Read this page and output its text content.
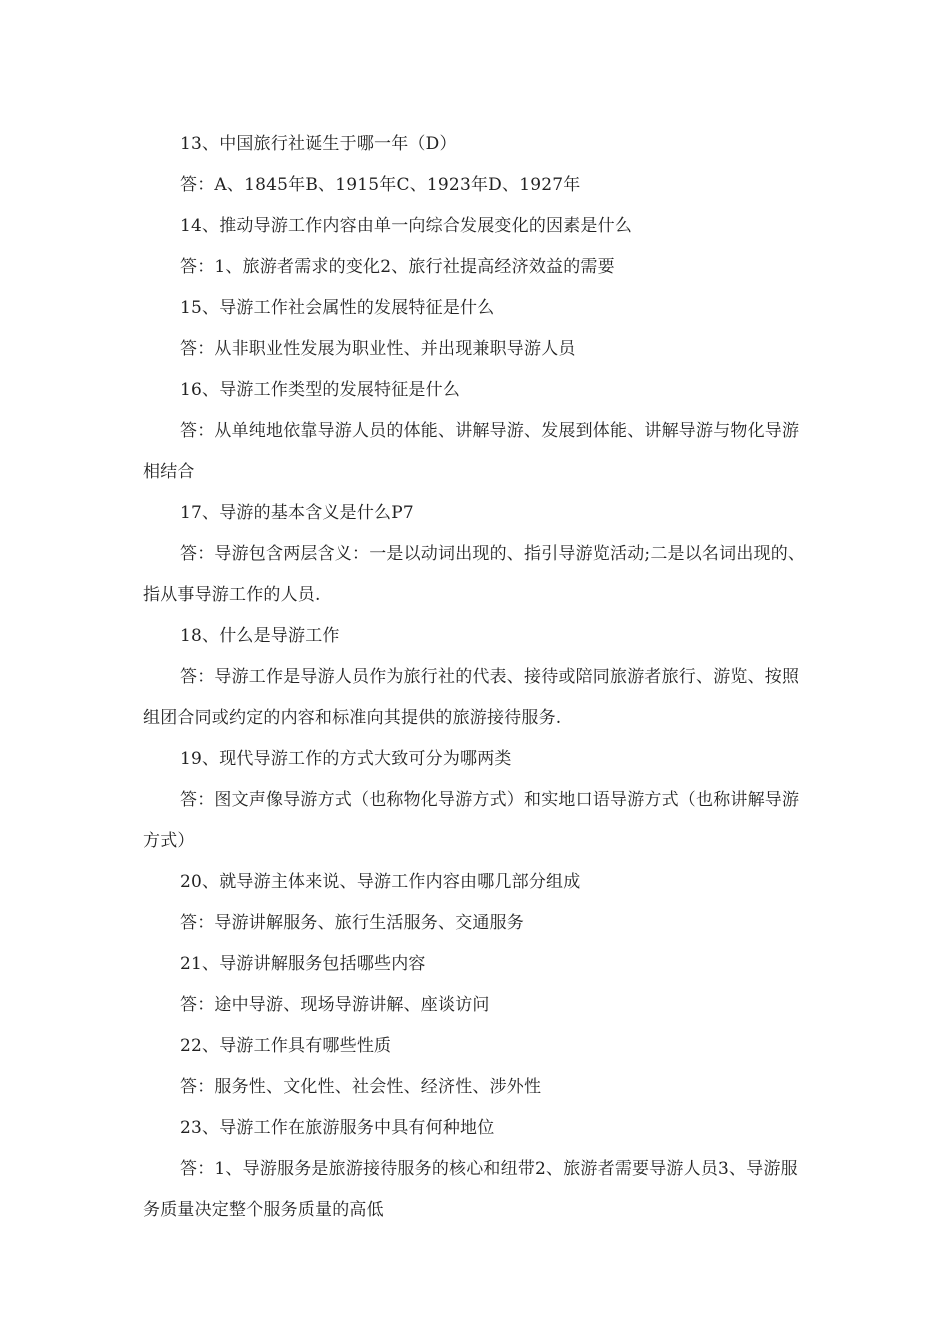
13、中国旅行社诞生于哪一年（D）

答：A、1845年B、1915年C、1923年D、1927年

14、推动导游工作内容由单一向综合发展变化的因素是什么

答：1、旅游者需求的变化2、旅行社提高经济效益的需要

15、导游工作社会属性的发展特征是什么

答：从非职业性发展为职业性、并出现兼职导游人员

16、导游工作类型的发展特征是什么

答：从单纯地依靠导游人员的体能、讲解导游、发展到体能、讲解导游与物化导游相结合

17、导游的基本含义是什么P7

答：导游包含两层含义：一是以动词出现的、指引导游览活动;二是以名词出现的、指从事导游工作的人员.

18、什么是导游工作

答：导游工作是导游人员作为旅行社的代表、接待或陪同旅游者旅行、游览、按照组团合同或约定的内容和标准向其提供的旅游接待服务.

19、现代导游工作的方式大致可分为哪两类

答：图文声像导游方式（也称物化导游方式）和实地口语导游方式（也称讲解导游方式）

20、就导游主体来说、导游工作内容由哪几部分组成

答：导游讲解服务、旅行生活服务、交通服务

21、导游讲解服务包括哪些内容

答：途中导游、现场导游讲解、座谈访问

22、导游工作具有哪些性质

答：服务性、文化性、社会性、经济性、涉外性

23、导游工作在旅游服务中具有何种地位

答：1、导游服务是旅游接待服务的核心和纽带2、旅游者需要导游人员3、导游服务质量决定整个服务质量的高低
